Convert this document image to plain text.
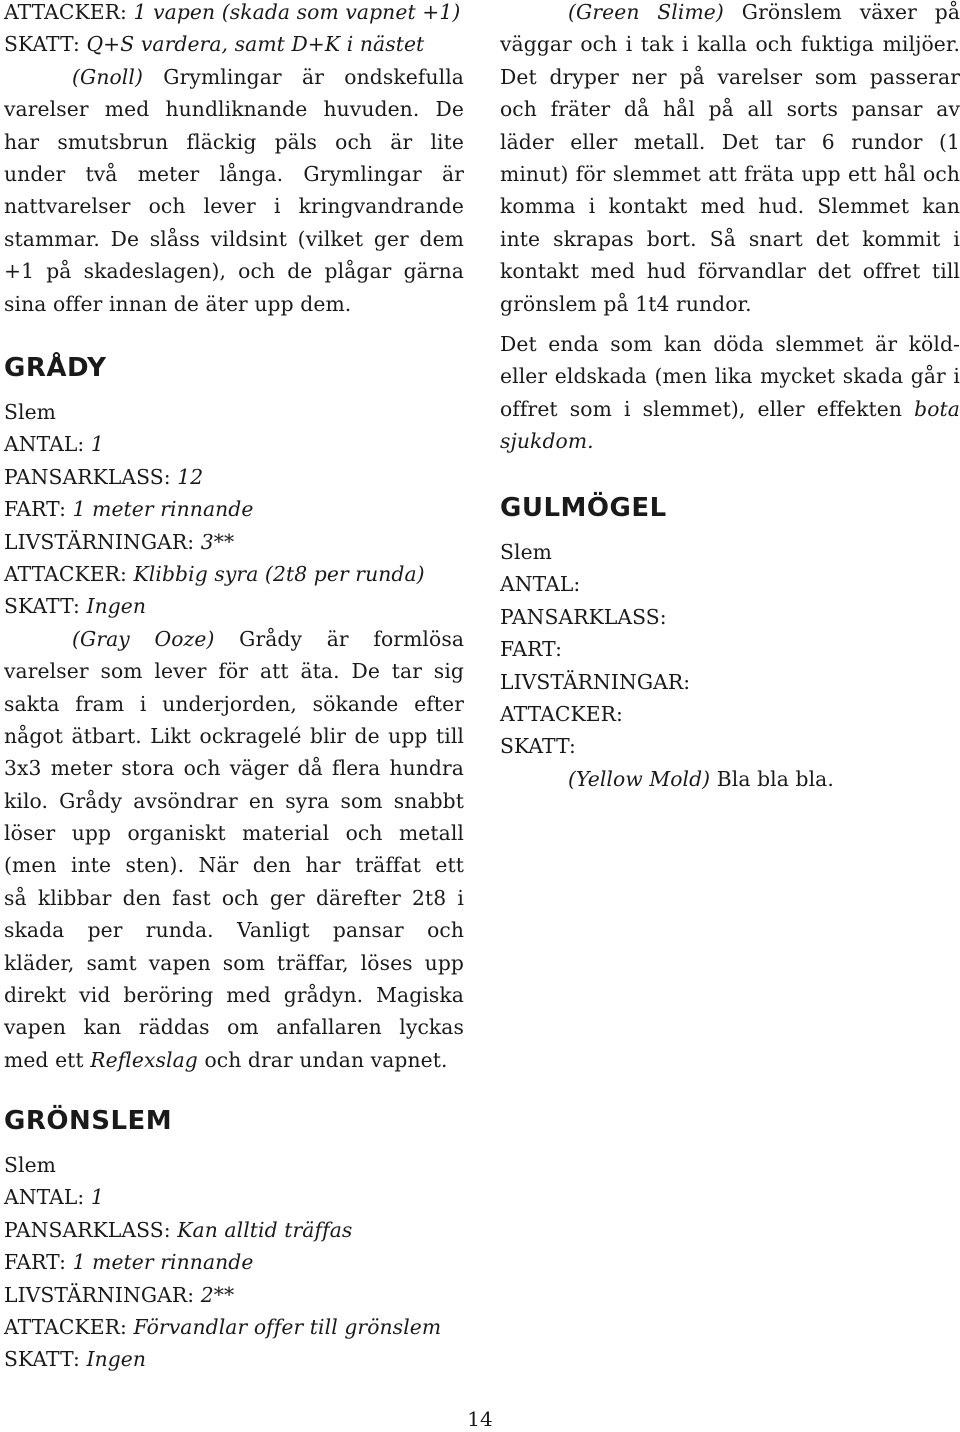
ATTACKER: 1 vapen (skada som vapnet +1)
SKATT: Q+S vardera, samt D+K i nästet
(Gnoll) Grymlingar är ondskefulla
varelser med hundliknande huvuden. De
har smutsbrun fläckig päls och är lite
under två meter långa. Grymlingar är
nattvarelser och lever i kringvandrande
stammar. De slåss vildsint (vilket ger dem
+1 på skadeslagen), och de plågar gärna
sina offer innan de äter upp dem.
GRÅDY
Slem
ANTAL: 1
PANSARKLASS: 12
FART: 1 meter rinnande
LIVSTÄRNINGAR: 3**
ATTACKER: Klibbig syra (2t8 per runda)
SKATT: Ingen
(Gray Ooze) Grådy är formlösa
varelser som lever för att äta. De tar sig
sakta fram i underjorden, sökande efter
något ätbart. Likt ockragelé blir de upp till
3x3 meter stora och väger då flera hundra
kilo. Grådy avsöndrar en syra som snabbt
löser upp organiskt material och metall
(men inte sten). När den har träffat ett
så klibbar den fast och ger därefter 2t8 i
skada per runda. Vanligt pansar och
kläder, samt vapen som träffar, löses upp
direkt vid beröring med grådyn. Magiska
vapen kan räddas om anfallaren lyckas
med ett Reflexslag och drar undan vapnet.
GRÖNSLEM
Slem
ANTAL: 1
PANSARKLASS: Kan alltid träffas
FART: 1 meter rinnande
LIVSTÄRNINGAR: 2**
ATTACKER: Förvandlar offer till grönslem
SKATT: Ingen
(Green Slime) Grönslem växer på
väggar och i tak i kalla och fuktiga miljöer.
Det dryper ner på varelser som passerar
och fräter då hål på all sorts pansar av
läder eller metall. Det tar 6 rundor (1
minut) för slemmet att fräta upp ett hål och
komma i kontakt med hud. Slemmet kan
inte skrapas bort. Så snart det kommit i
kontakt med hud förvandlar det offret till
grönslem på 1t4 rundor.
Det enda som kan döda slemmet är köld-
eller eldskada (men lika mycket skada går i
offret som i slemmet), eller effekten bota
sjukdom.
GULMÖGEL
Slem
ANTAL:
PANSARKLASS:
FART:
LIVSTÄRNINGAR:
ATTACKER:
SKATT:
(Yellow Mold) Bla bla bla.
14
